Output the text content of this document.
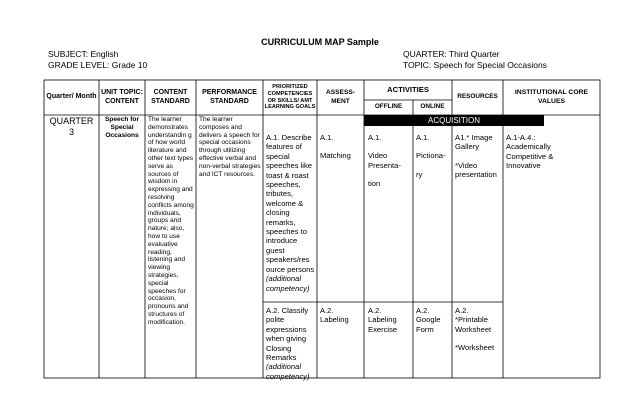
CURRICULUM MAP Sample
SUBJECT: English
GRADE LEVEL: Grade 10
QUARTER: Third Quarter
TOPIC: Speech for Special Occasions
Quarter/ Month
UNIT TOPIC: CONTENT
CONTENT STANDARD
PERFORMANCE STANDARD
PRIORITIZED COMPETENCIES OR SKILLS/ AMT LEARNING GOALS
ASSESS- MENT
ACTIVITIES
OFFLINE	ONLINE
RESOURCES
INSTITUTIONAL CORE VALUES
ACQUISITION
QUARTER 3
Speech for Special Occasions
The learner demonstrates understandin g of how world literature and other text types serve as sources of wisdom in expressing and resolving conflicts among individuals, groups and nature; also, how to use evaluative reading, listening and viewing strategies, special speeches for occasion, pronouns and structures of modification.
The learner composes and delivers a speech for special occasions through utilizing effective verbal and non-verbal strategies and ICT resources.
A.1. Describe features of special speeches like toast & roast speeches, tributes, welcome & closing remarks, speeches to introduce guest speakers/res ource persons
(additional competency)
A.1.
Matching
A.1.
Video Presenta-
tion
A.1.
Pictiona-
ry
A1.* Image Gallery
*Video presentation
A.1-A.4.: Academically Competitive & Innovative
A.2. Classify polite expressions when giving Closing Remarks
(additional competency)
A.2.
Labeling
A.2.
Labeling Exercise
A.2.
Google Form
A.2.
*Printable Worksheet
*Worksheet
